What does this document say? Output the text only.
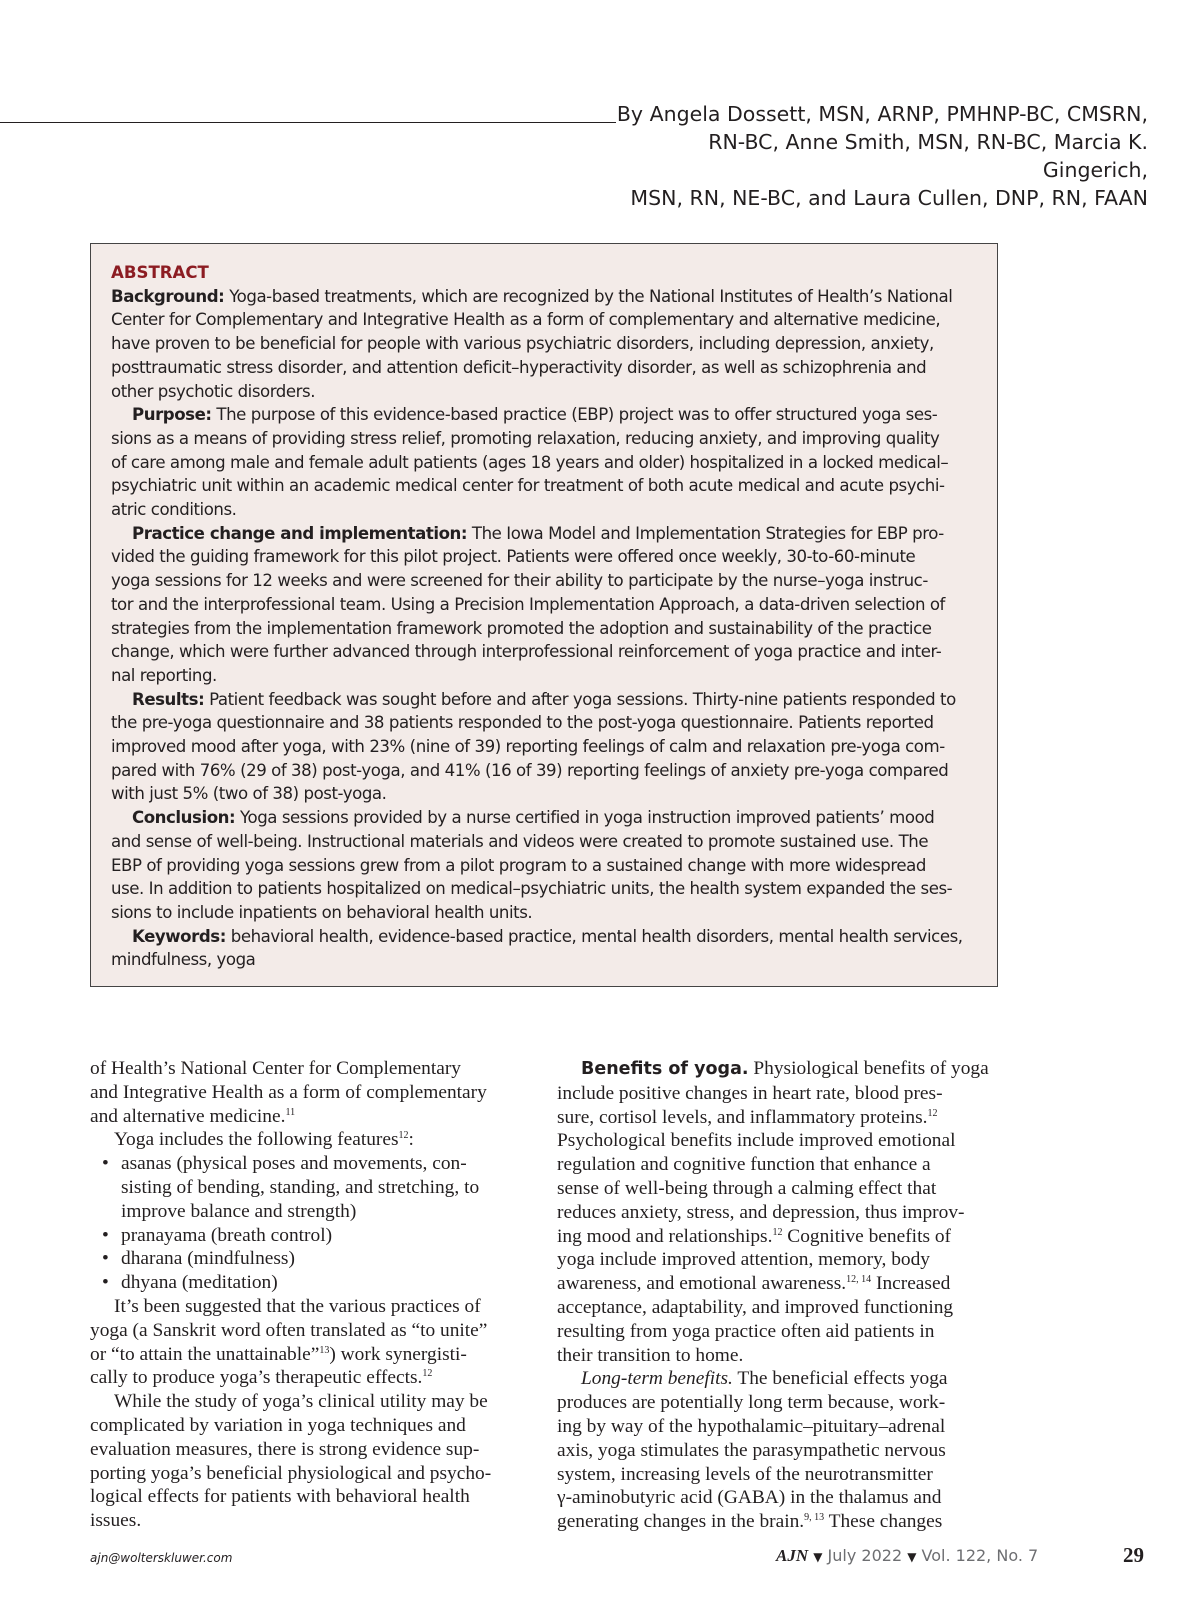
By Angela Dossett, MSN, ARNP, PMHNP-BC, CMSRN,
RN-BC, Anne Smith, MSN, RN-BC, Marcia K. Gingerich,
MSN, RN, NE-BC, and Laura Cullen, DNP, RN, FAAN
ABSTRACT
Background: Yoga-based treatments, which are recognized by the National Institutes of Health’s National
Center for Complementary and Integrative Health as a form of complementary and alternative medicine,
have proven to be beneficial for people with various psychiatric disorders, including depression, anxiety,
posttraumatic stress disorder, and attention deficit–hyperactivity disorder, as well as schizophrenia and
other psychotic disorders.
Purpose: The purpose of this evidence-based practice (EBP) project was to offer structured yoga ses-
sions as a means of providing stress relief, promoting relaxation, reducing anxiety, and improving quality
of care among male and female adult patients (ages 18 years and older) hospitalized in a locked medical–
psychiatric unit within an academic medical center for treatment of both acute medical and acute psychi-
atric conditions.
Practice change and implementation: The Iowa Model and Implementation Strategies for EBP pro-
vided the guiding framework for this pilot project. Patients were offered once weekly, 30-to-60-minute
yoga sessions for 12 weeks and were screened for their ability to participate by the nurse–yoga instruc-
tor and the interprofessional team. Using a Precision Implementation Approach, a data-driven selection of
strategies from the implementation framework promoted the adoption and sustainability of the practice
change, which were further advanced through interprofessional reinforcement of yoga practice and inter-
nal reporting.
Results: Patient feedback was sought before and after yoga sessions. Thirty-nine patients responded to
the pre-yoga questionnaire and 38 patients responded to the post-yoga questionnaire. Patients reported
improved mood after yoga, with 23% (nine of 39) reporting feelings of calm and relaxation pre-yoga com-
pared with 76% (29 of 38) post-yoga, and 41% (16 of 39) reporting feelings of anxiety pre-yoga compared
with just 5% (two of 38) post-yoga.
Conclusion: Yoga sessions provided by a nurse certified in yoga instruction improved patients’ mood
and sense of well-being. Instructional materials and videos were created to promote sustained use. The
EBP of providing yoga sessions grew from a pilot program to a sustained change with more widespread
use. In addition to patients hospitalized on medical–psychiatric units, the health system expanded the ses-
sions to include inpatients on behavioral health units.
Keywords: behavioral health, evidence-based practice, mental health disorders, mental health services,
mindfulness, yoga
of Health’s National Center for Complementary
and Integrative Health as a form of complementary
and alternative medicine.$^{11}$
Yoga includes the following features$^{12}$:
• asanas (physical poses and movements, con-
sisting of bending, standing, and stretching, to
improve balance and strength)
• pranayama (breath control)
• dharana (mindfulness)
• dhyana (meditation)
It’s been suggested that the various practices of
yoga (a Sanskrit word often translated as “to unite”
or “to attain the unattainable”$^{13}$) work synergisti-
cally to produce yoga’s therapeutic effects.$^{12}$
While the study of yoga’s clinical utility may be
complicated by variation in yoga techniques and
evaluation measures, there is strong evidence sup-
porting yoga’s beneficial physiological and psycho-
logical effects for patients with behavioral health
issues.
Benefits of yoga. Physiological benefits of yoga
include positive changes in heart rate, blood pres-
sure, cortisol levels, and inflammatory proteins.$^{12}$
Psychological benefits include improved emotional
regulation and cognitive function that enhance a
sense of well-being through a calming effect that
reduces anxiety, stress, and depression, thus improv-
ing mood and relationships.$^{12}$ Cognitive benefits of
yoga include improved attention, memory, body
awareness, and emotional awareness.$^{12, 14}$ Increased
acceptance, adaptability, and improved functioning
resulting from yoga practice often aid patients in
their transition to home.
Long-term benefits. The beneficial effects yoga
produces are potentially long term because, work-
ing by way of the hypothalamic–pituitary–adrenal
axis, yoga stimulates the parasympathetic nervous
system, increasing levels of the neurotransmitter
γ-aminobutyric acid (GABA) in the thalamus and
generating changes in the brain.$^{9, 13}$ These changes
ajn@wolterskluwer.com	AJN ▼ July 2022 ▼ Vol. 122, No. 7	29
